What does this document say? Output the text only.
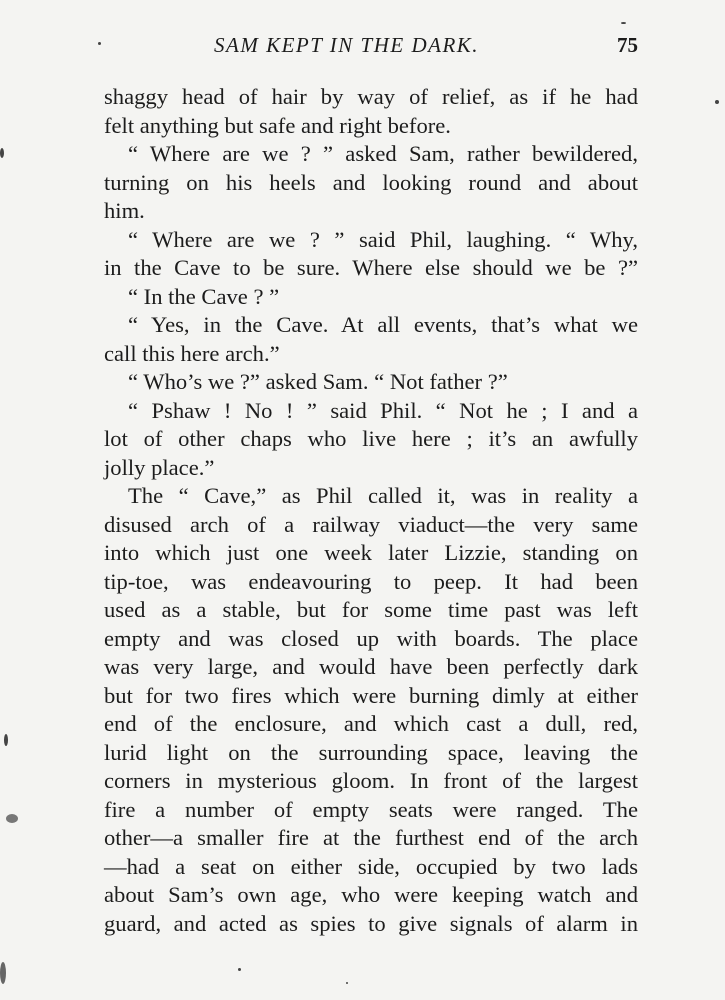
SAM KEPT IN THE DARK.	75
shaggy head of hair by way of relief, as if he had
felt anything but safe and right before.
“ Where are we ? ” asked Sam, rather bewildered,
turning on his heels and looking round and about
him.
“ Where are we ? ” said Phil, laughing. “ Why,
in the Cave to be sure. Where else should we be ?”
“ In the Cave ? ”
“ Yes, in the Cave. At all events, that’s what we
call this here arch.”
“ Who’s we ?” asked Sam. “ Not father ?”
“ Pshaw ! No ! ” said Phil. “ Not he ; I and a
lot of other chaps who live here ; it’s an awfully
jolly place.”
The “ Cave,” as Phil called it, was in reality a
disused arch of a railway viaduct—the very same
into which just one week later Lizzie, standing on
tip-toe, was endeavouring to peep. It had been
used as a stable, but for some time past was left
empty and was closed up with boards. The place
was very large, and would have been perfectly dark
but for two fires which were burning dimly at either
end of the enclosure, and which cast a dull, red,
lurid light on the surrounding space, leaving the
corners in mysterious gloom. In front of the largest
fire a number of empty seats were ranged. The
other—a smaller fire at the furthest end of the arch
—had a seat on either side, occupied by two lads
about Sam’s own age, who were keeping watch and
guard, and acted as spies to give signals of alarm in
